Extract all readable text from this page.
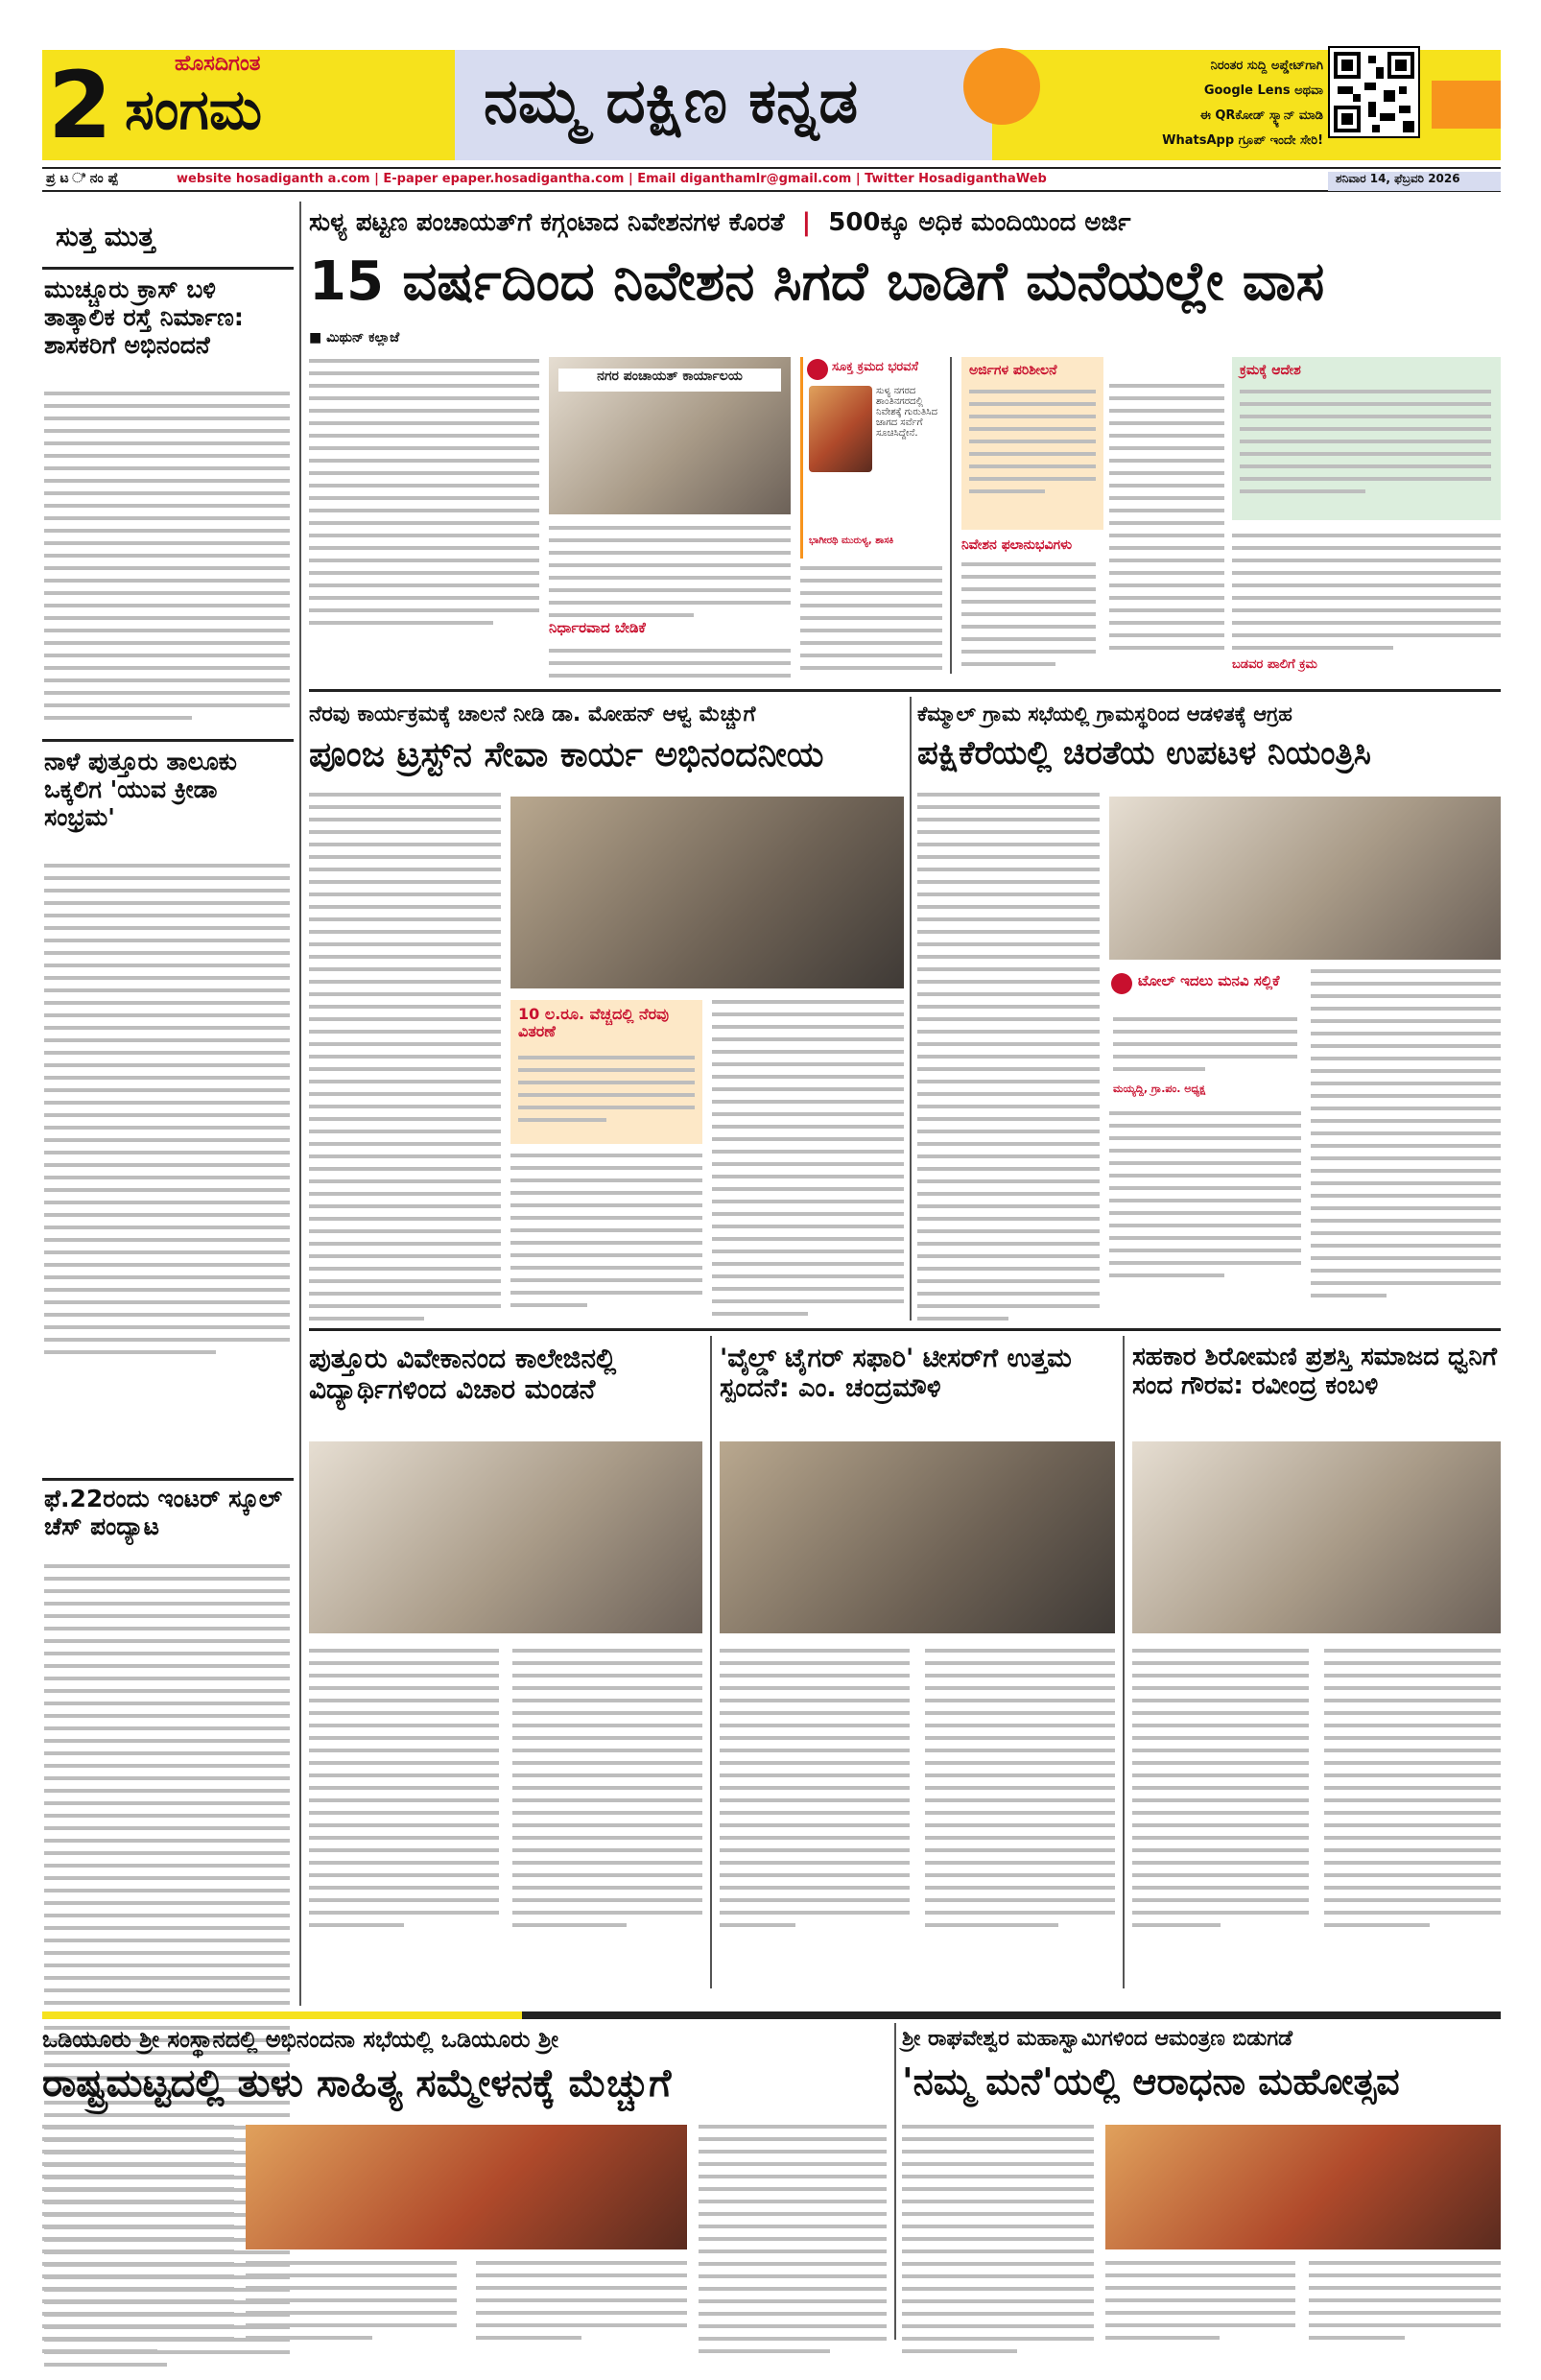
2	ಹೊಸದಿಗಂತ
ಸಂಗಮ	ನಮ್ಮ ದಕ್ಷಿಣ ಕನ್ನಡ	ನಿರಂತರ ಸುದ್ದಿ ಅಪ್ಡೇಟ್‌ಗಾಗಿ
Google Lens ಅಥವಾ
ಈ QRಕೋಡ್ ಸ್ಕ್ಯಾನ್ ಮಾಡಿ
WhatsApp ಗ್ರೂಪ್ ಇಂದೇ ಸೇರಿ!
ಪ್ರ ಟ ಿ ನಂ ಪ್ಪೆ	website hosadiganth a.com | E-paper epaper.hosadigantha.com | Email diganthamlr@gmail.com | Twitter HosadiganthaWeb	ಶನಿವಾರ 14, ಫೆಬ್ರವರಿ 2026
ಸುತ್ತ ಮುತ್ತ
ಮುಚ್ಚೂರು ಕ್ರಾಸ್ ಬಳಿ ತಾತ್ಕಾಲಿಕ ರಸ್ತೆ ನಿರ್ಮಾಣ: ಶಾಸಕರಿಗೆ ಅಭಿನಂದನೆ
ನಾಳೆ ಪುತ್ತೂರು ತಾಲೂಕು ಒಕ್ಕಲಿಗ 'ಯುವ ಕ್ರೀಡಾ ಸಂಭ್ರಮ'
ಫೆ.22ರಂದು ಇಂಟರ್ ಸ್ಕೂಲ್ ಚೆಸ್ ಪಂದ್ಯಾಟ
ಸುಳ್ಯ ಪಟ್ಟಣ ಪಂಚಾಯತ್‌ಗೆ ಕಗ್ಗಂಟಾದ ನಿವೇಶನಗಳ ಕೊರತೆ  |  500ಕ್ಕೂ ಅಧಿಕ ಮಂದಿಯಿಂದ ಅರ್ಜಿ
15 ವರ್ಷದಿಂದ ನಿವೇಶನ ಸಿಗದೆ ಬಾಡಿಗೆ ಮನೆಯಲ್ಲೇ ವಾಸ
■ ಮಿಥುನ್ ಕಲ್ಲಾಜೆ
ನಿರ್ಧಾರವಾದ ಬೇಡಿಕೆ
ನಗರ ಪಂಚಾಯತ್ ಕಾರ್ಯಾಲಯ
ಸೂಕ್ತ ಕ್ರಮದ ಭರವಸೆ
ಸುಳ್ಯ ನಗರದ ಶಾಂತಿನಗರದಲ್ಲಿ ನಿವೇಶಕ್ಕೆ ಗುರುತಿಸಿದ ಜಾಗದ ಸರ್ವೆಗೆ ಸೂಚಿಸಿದ್ದೇನೆ.
ಭಾಗೀರಥಿ ಮುರುಳ್ಯ, ಶಾಸಕಿ	ನಿವೇಶನ ಫಲಾನುಭವಿಗಳು
ಅರ್ಜಿಗಳ ಪರಿಶೀಲನೆ	ಕ್ರಮಕ್ಕೆ ಆದೇಶ
ಬಡವರ ಪಾಲಿಗೆ ಕ್ರಮ
ನೆರವು ಕಾರ್ಯಕ್ರಮಕ್ಕೆ ಚಾಲನೆ ನೀಡಿ ಡಾ. ಮೋಹನ್ ಆಳ್ವ ಮೆಚ್ಚುಗೆ
ಪೂಂಜ ಟ್ರಸ್ಟ್‌ನ ಸೇವಾ ಕಾರ್ಯ ಅಭಿನಂದನೀಯ
10 ಲ.ರೂ. ವೆಚ್ಚದಲ್ಲಿ ನೆರವು ವಿತರಣೆ
ಕೆಮ್ಮಾಲ್ ಗ್ರಾಮ ಸಭೆಯಲ್ಲಿ ಗ್ರಾಮಸ್ಥರಿಂದ ಆಡಳಿತಕ್ಕೆ ಆಗ್ರಹ
ಪಕ್ಷಿಕೆರೆಯಲ್ಲಿ ಚಿರತೆಯ ಉಪಟಳ ನಿಯಂತ್ರಿಸಿ
ಟೋಲ್ ಇದಲು ಮನವಿ ಸಲ್ಲಿಕೆ
ಮಯ್ಯದ್ದಿ, ಗ್ರಾ.ಪಂ. ಅಧ್ಯಕ್ಷ
ಪುತ್ತೂರು ವಿವೇಕಾನಂದ ಕಾಲೇಜಿನಲ್ಲಿ ವಿದ್ಯಾರ್ಥಿಗಳಿಂದ ವಿಚಾರ ಮಂಡನೆ
'ವೈಲ್ಡ್ ಟೈಗರ್ ಸಫಾರಿ' ಟೀಸರ್‌ಗೆ ಉತ್ತಮ ಸ್ಪಂದನೆ: ಎಂ. ಚಂದ್ರಮೌಳಿ
ಸಹಕಾರ ಶಿರೋಮಣಿ ಪ್ರಶಸ್ತಿ ಸಮಾಜದ ಧ್ವನಿಗೆ ಸಂದ ಗೌರವ: ರವೀಂದ್ರ ಕಂಬಳಿ
ಒಡಿಯೂರು ಶ್ರೀ ಸಂಸ್ಥಾನದಲ್ಲಿ ಅಭಿನಂದನಾ ಸಭೆಯಲ್ಲಿ ಒಡಿಯೂರು ಶ್ರೀ
ರಾಷ್ಟ್ರಮಟ್ಟದಲ್ಲಿ ತುಳು ಸಾಹಿತ್ಯ ಸಮ್ಮೇಳನಕ್ಕೆ ಮೆಚ್ಚುಗೆ
ಶ್ರೀ ರಾಘವೇಶ್ವರ ಮಹಾಸ್ವಾಮಿಗಳಿಂದ ಆಮಂತ್ರಣ ಬಿಡುಗಡೆ
'ನಮ್ಮ ಮನೆ'ಯಲ್ಲಿ ಆರಾಧನಾ ಮಹೋತ್ಸವ
